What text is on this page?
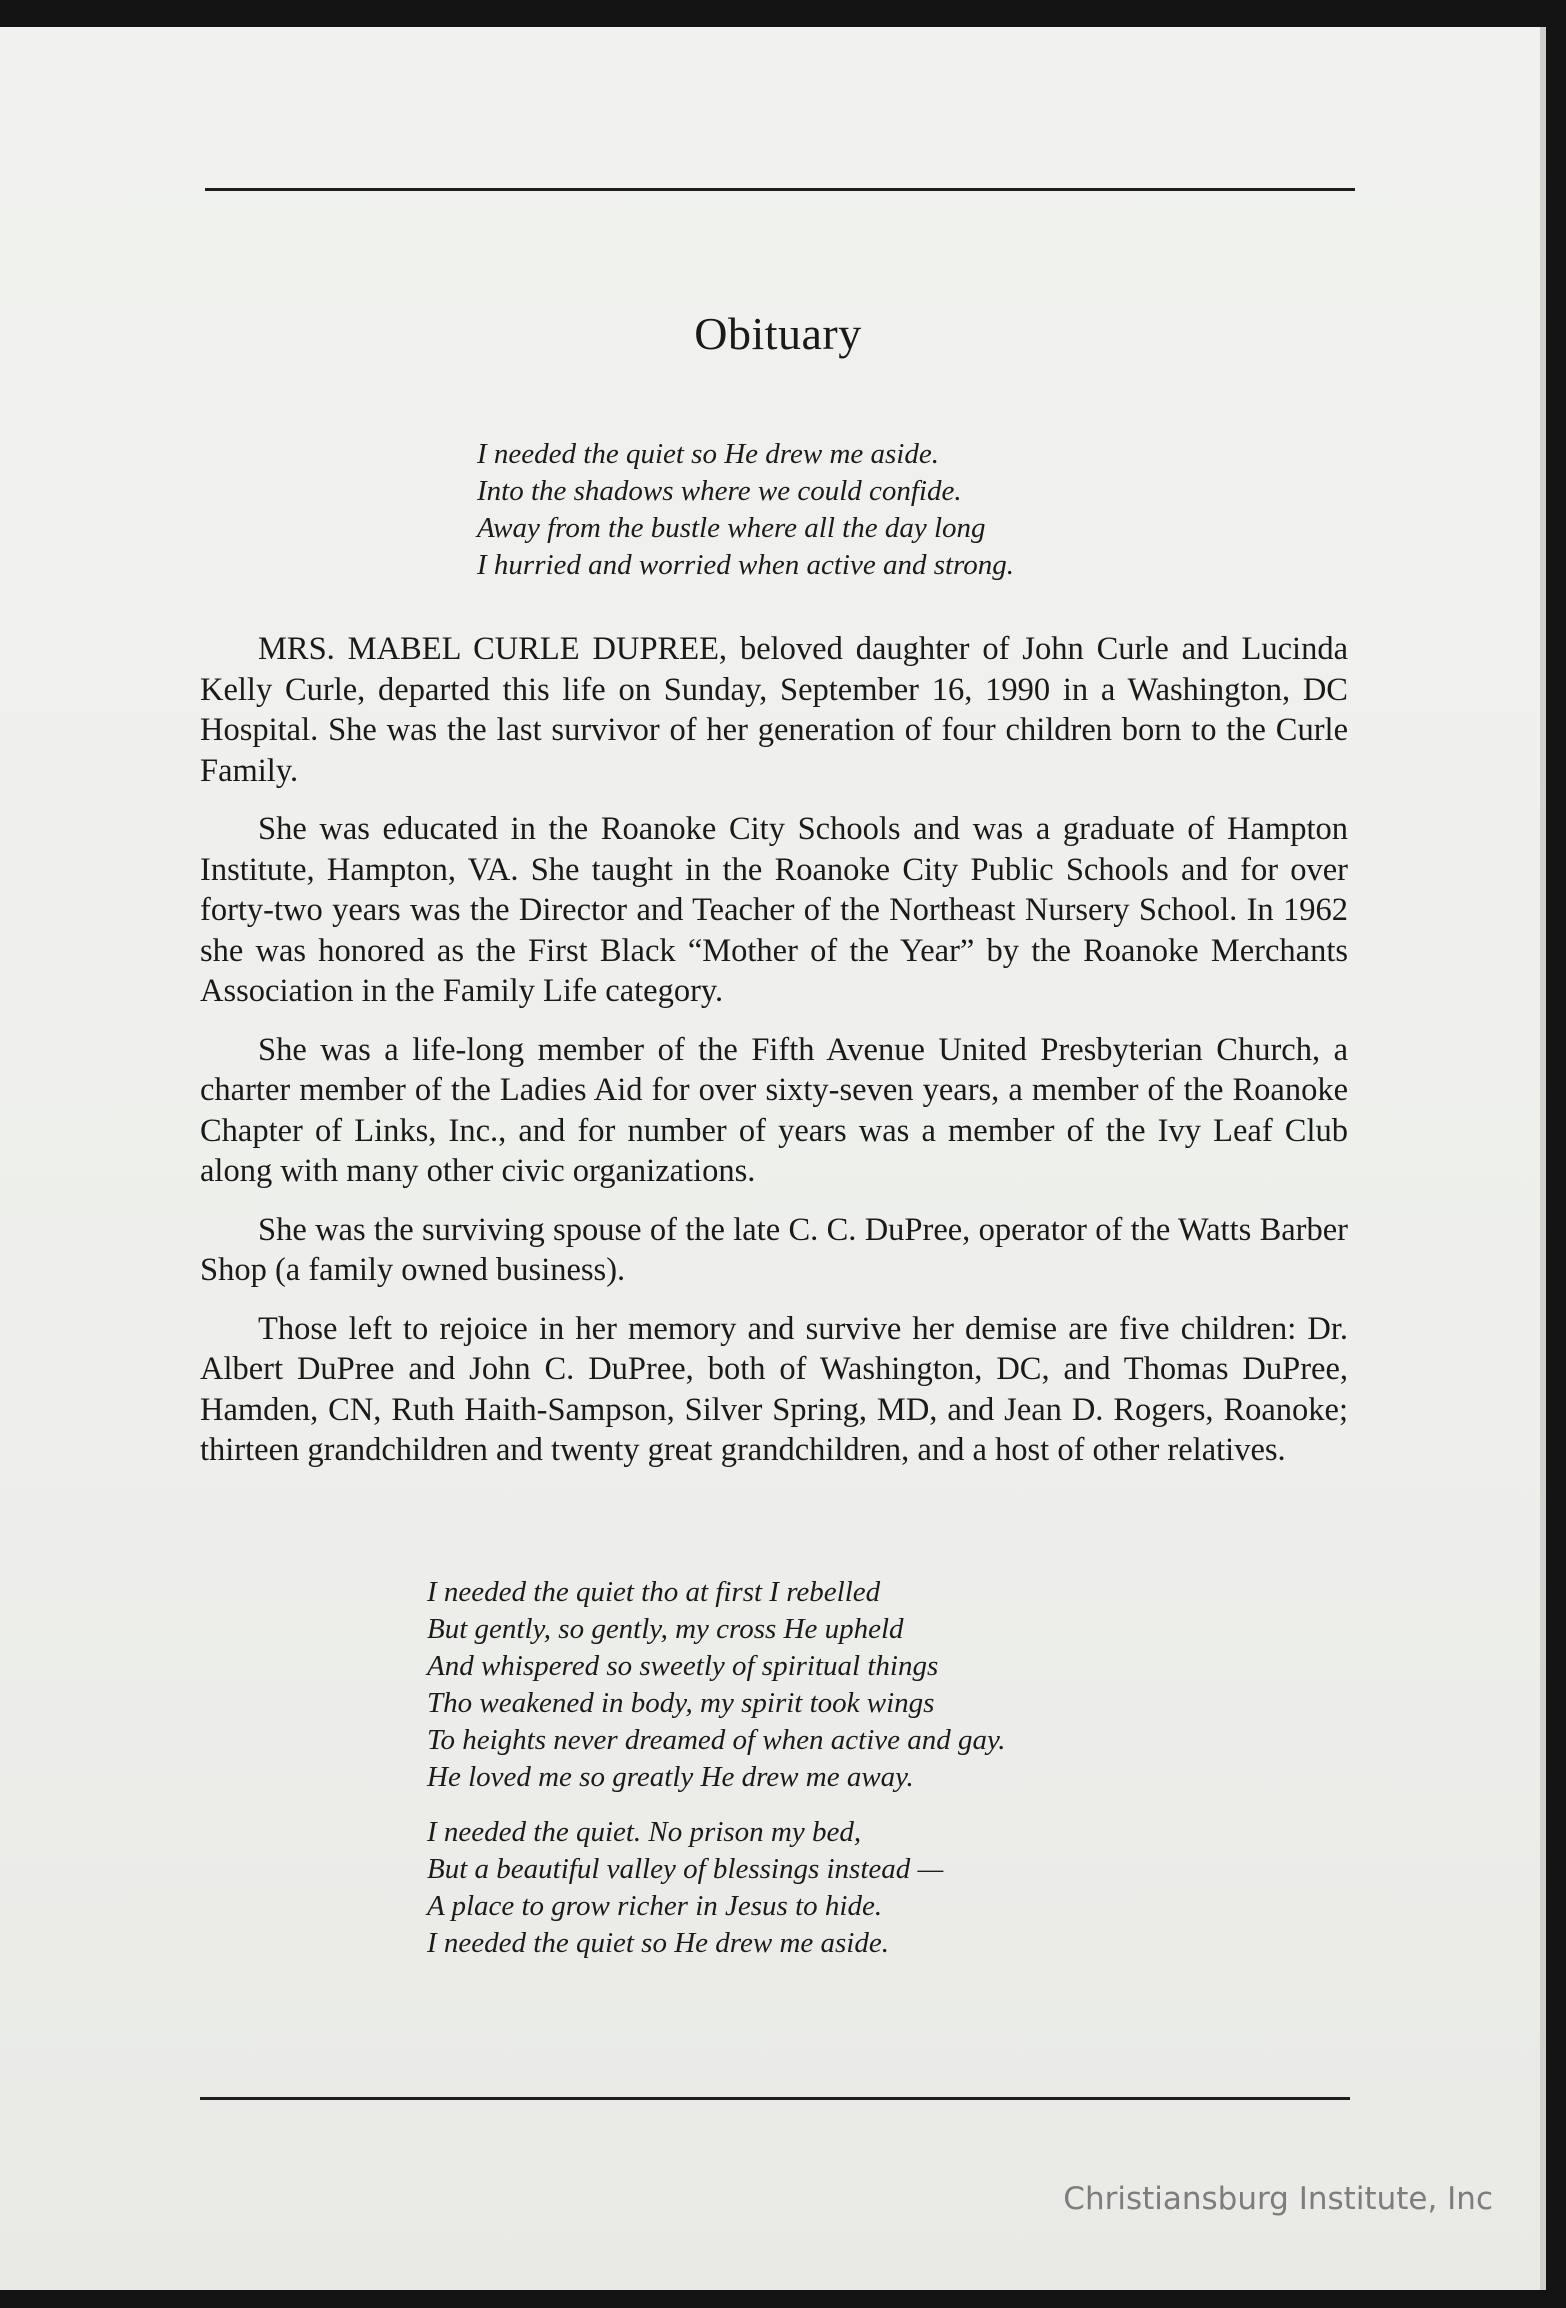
Obituary
I needed the quiet so He drew me aside.
Into the shadows where we could confide.
Away from the bustle where all the day long
I hurried and worried when active and strong.

MRS. MABEL CURLE DUPREE, beloved daughter of John Curle and Lucinda Kelly Curle, departed this life on Sunday, September 16, 1990 in a Washington, DC Hospital. She was the last survivor of her generation of four children born to the Curle Family.

She was educated in the Roanoke City Schools and was a graduate of Hampton Institute, Hampton, VA. She taught in the Roanoke City Public Schools and for over forty-two years was the Director and Teacher of the Northeast Nursery School. In 1962 she was honored as the First Black “Mother of the Year” by the Roanoke Merchants Association in the Family Life category.

She was a life-long member of the Fifth Avenue United Presbyterian Church, a charter member of the Ladies Aid for over sixty-seven years, a member of the Roanoke Chapter of Links, Inc., and for number of years was a member of the Ivy Leaf Club along with many other civic organizations.

She was the surviving spouse of the late C. C. DuPree, operator of the Watts Barber Shop (a family owned business).

Those left to rejoice in her memory and survive her demise are five children: Dr. Albert DuPree and John C. DuPree, both of Washington, DC, and Thomas DuPree, Hamden, CN, Ruth Haith-Sampson, Silver Spring, MD, and Jean D. Rogers, Roanoke; thirteen grandchildren and twenty great grandchildren, and a host of other relatives.

I needed the quiet tho at first I rebelled
But gently, so gently, my cross He upheld
And whispered so sweetly of spiritual things
Tho weakened in body, my spirit took wings
To heights never dreamed of when active and gay.
He loved me so greatly He drew me away.
I needed the quiet. No prison my bed,
But a beautiful valley of blessings instead —
A place to grow richer in Jesus to hide.
I needed the quiet so He drew me aside.
Christiansburg Institute, Inc
